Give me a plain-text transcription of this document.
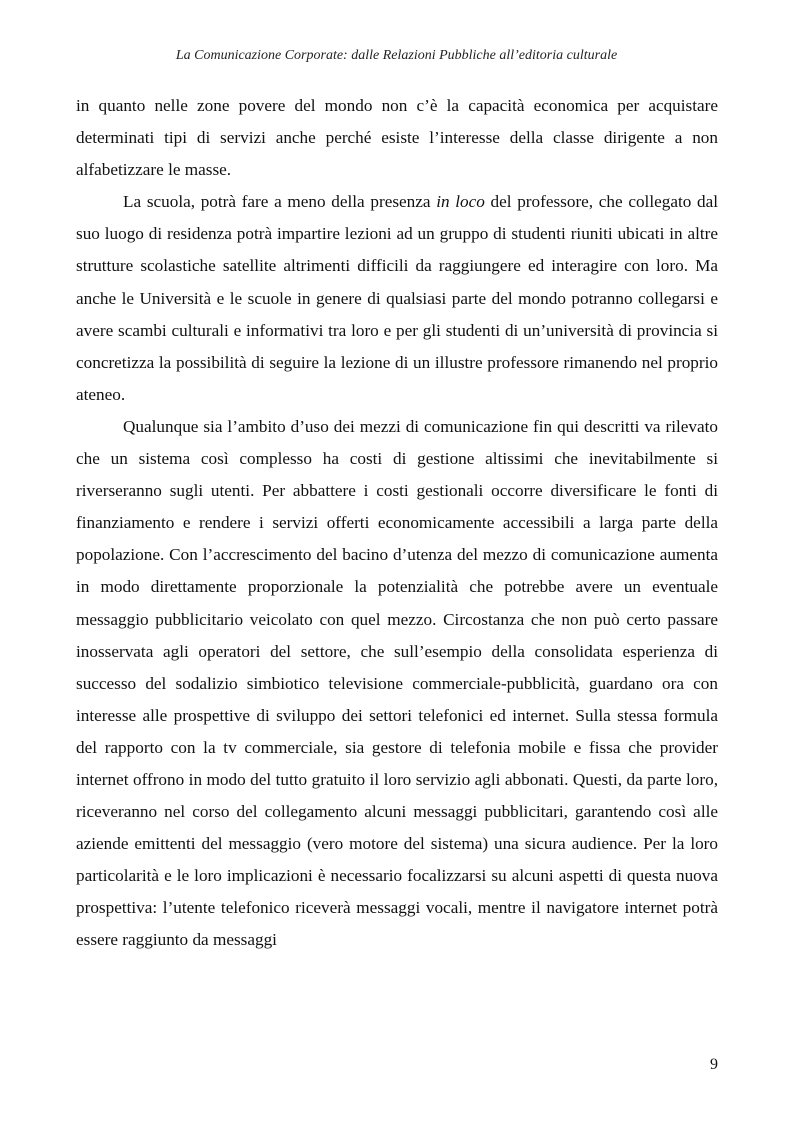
La Comunicazione Corporate: dalle Relazioni Pubbliche all’editoria culturale

in quanto nelle zone povere del mondo non c’è la capacità economica per acquistare determinati tipi di servizi anche perché esiste l’interesse della classe dirigente a non alfabetizzare le masse.

La scuola, potrà fare a meno della presenza in loco del professore, che collegato dal suo luogo di residenza potrà impartire lezioni ad un gruppo di studenti riuniti ubicati in altre strutture scolastiche satellite altrimenti difficili da raggiungere ed interagire con loro. Ma anche le Università e le scuole in genere di qualsiasi parte del mondo potranno collegarsi e avere scambi culturali e informativi tra loro e per gli studenti di un’università di provincia si concretizza la possibilità di seguire la lezione di un illustre professore rimanendo nel proprio ateneo.

Qualunque sia l’ambito d’uso dei mezzi di comunicazione fin qui descritti va rilevato che un sistema così complesso ha costi di gestione altissimi che inevitabilmente si riverseranno sugli utenti. Per abbattere i costi gestionali occorre diversificare le fonti di finanziamento e rendere i servizi offerti economicamente accessibili a larga parte della popolazione. Con l’accrescimento del bacino d’utenza del mezzo di comunicazione aumenta in modo direttamente proporzionale la potenzialità che potrebbe avere un eventuale messaggio pubblicitario veicolato con quel mezzo. Circostanza che non può certo passare inosservata agli operatori del settore, che sull’esempio della consolidata esperienza di successo del sodalizio simbiotico televisione commerciale-pubblicità, guardano ora con interesse alle prospettive di sviluppo dei settori telefonici ed internet. Sulla stessa formula del rapporto con la tv commerciale, sia gestore di telefonia mobile e fissa che provider internet offrono in modo del tutto gratuito il loro servizio agli abbonati. Questi, da parte loro, riceveranno nel corso del collegamento alcuni messaggi pubblicitari, garantendo così alle aziende emittenti del messaggio (vero motore del sistema) una sicura audience. Per la loro particolarità e le loro implicazioni è necessario focalizzarsi su alcuni aspetti di questa nuova prospettiva: l’utente telefonico riceverà messaggi vocali, mentre il navigatore internet potrà essere raggiunto da messaggi

9
